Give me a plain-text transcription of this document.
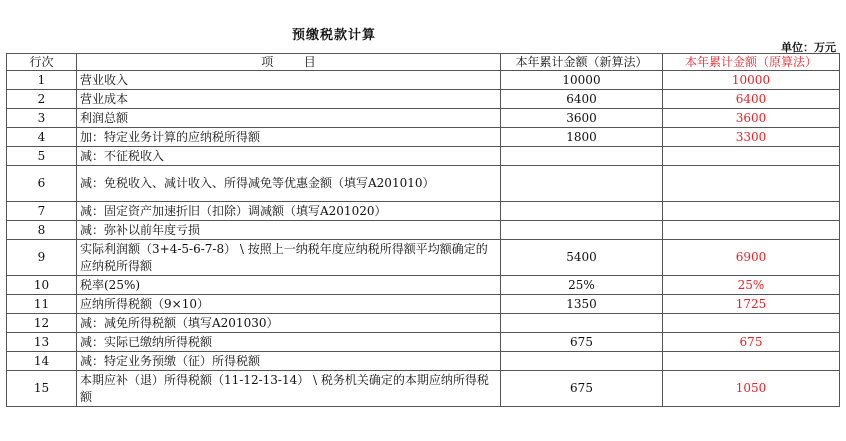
预缴税款计算
单位：万元
行次	项        目	本年累计金额（新算法）	本年累计金额（原算法）
1	营业收入	10000	10000
2	营业成本	6400	6400
3	利润总额	3600	3600
4	加：特定业务计算的应纳税所得额	1800	3300
5	减：不征税收入		
6	减：免税收入、减计收入、所得减免等优惠金额（填写A201010）		
7	减：固定资产加速折旧（扣除）调减额（填写A201020）		
8	减：弥补以前年度亏损		
9	实际利润额（3+4-5-6-7-8） \ 按照上一纳税年度应纳税所得额平均额确定的应纳税所得额	5400	6900
10	税率(25%)	25%	25%
11	应纳所得税额（9×10）	1350	1725
12	减：减免所得税额（填写A201030）		
13	减：实际已缴纳所得税额	675	675
14	减：特定业务预缴（征）所得税额		
15	本期应补（退）所得税额（11-12-13-14） \ 税务机关确定的本期应纳所得税额	675	1050
